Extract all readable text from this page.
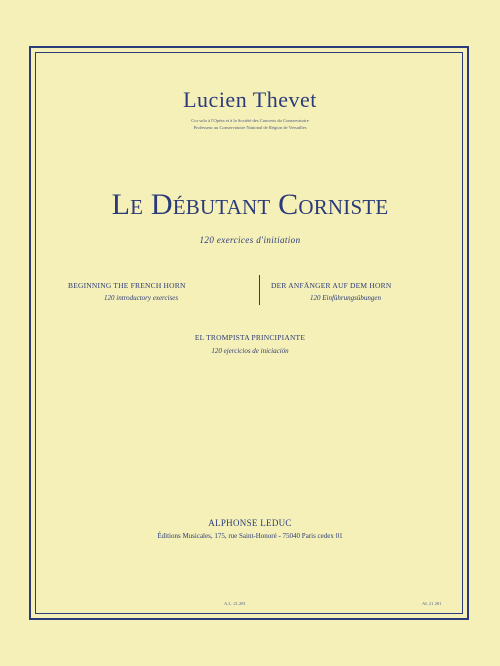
Lucien Thevet
Cor solo à l'Opéra et à la Société des Concerts du Conservatoire
Professeur au Conservatoire National de Région de Versailles
Le Débutant Corniste
120 exercices d'initiation
BEGINNING THE FRENCH HORN
120 introductory exercises
DER ANFÄNGER AUF DEM HORN
120 Einführungsübungen
EL TROMPISTA PRINCIPIANTE
120 ejercicios de iniciación
ALPHONSE LEDUC
Éditions Musicales, 175, rue Saint-Honoré - 75040 Paris cedex 01
A.L. 21.281	AL 21 281
